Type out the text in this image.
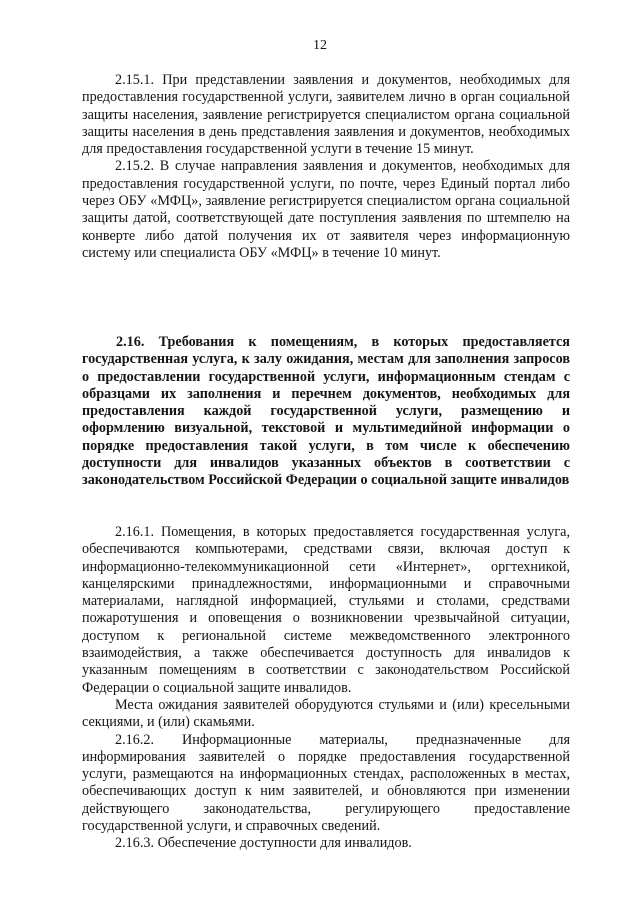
12

2.15.1. При представлении заявления и документов, необходимых для предоставления государственной услуги, заявителем лично в орган социальной защиты населения, заявление регистрируется специалистом органа социальной защиты населения в день представления заявления и документов, необходимых для предоставления государственной услуги в течение 15 минут.

2.15.2. В случае направления заявления и документов, необходимых для предоставления государственной услуги, по почте, через Единый портал либо через ОБУ «МФЦ», заявление регистрируется специалистом органа социальной защиты датой, соответствующей дате поступления заявления по штемпелю на конверте либо датой получения их от заявителя через информационную систему или специалиста ОБУ «МФЦ» в течение 10 минут.

2.16. Требования к помещениям, в которых предоставляется государственная услуга, к залу ожидания, местам для заполнения запросов о предоставлении государственной услуги, информационным стендам с образцами их заполнения и перечнем документов, необходимых для предоставления каждой государственной услуги, размещению и оформлению визуальной, текстовой и мультимедийной информации о порядке предоставления такой услуги, в том числе к обеспечению доступности для инвалидов указанных объектов в соответствии с законодательством Российской Федерации о социальной защите инвалидов

2.16.1. Помещения, в которых предоставляется государственная услуга, обеспечиваются компьютерами, средствами связи, включая доступ к информационно-телекоммуникационной сети «Интернет», оргтехникой, канцелярскими принадлежностями, информационными и справочными материалами, наглядной информацией, стульями и столами, средствами пожаротушения и оповещения о возникновении чрезвычайной ситуации, доступом к региональной системе межведомственного электронного взаимодействия, а также обеспечивается доступность для инвалидов к указанным помещениям в соответствии с законодательством Российской Федерации о социальной защите инвалидов.

Места ожидания заявителей оборудуются стульями и (или) кресельными секциями, и (или) скамьями.

2.16.2. Информационные материалы, предназначенные для информирования заявителей о порядке предоставления государственной услуги, размещаются на информационных стендах, расположенных в местах, обеспечивающих доступ к ним заявителей, и обновляются при изменении действующего законодательства, регулирующего предоставление государственной услуги, и справочных сведений.

2.16.3. Обеспечение доступности для инвалидов.
